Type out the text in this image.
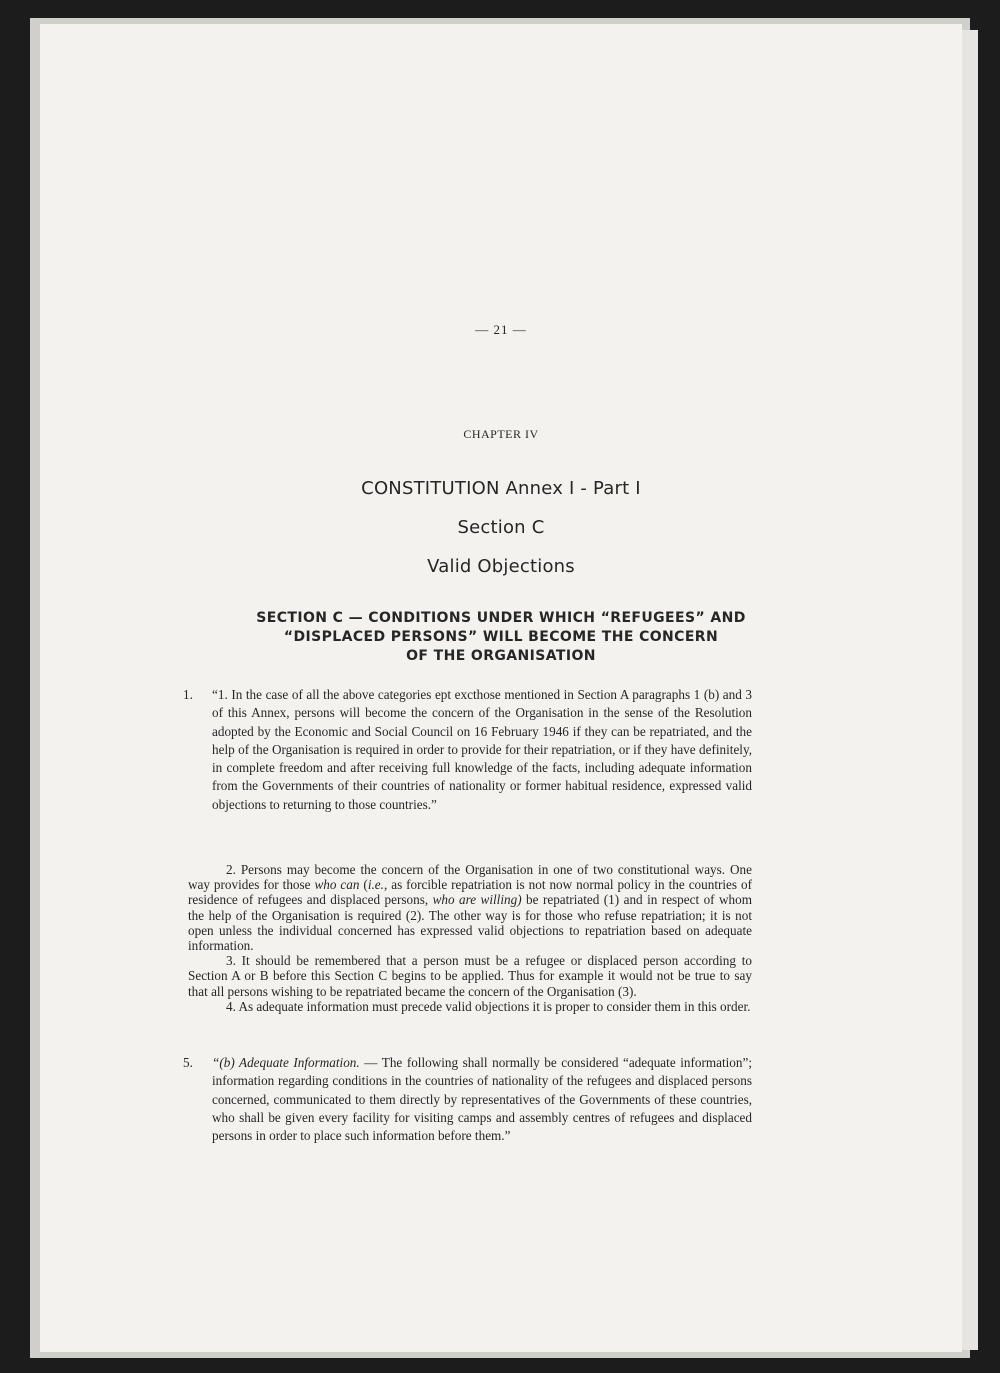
— 21 —
CHAPTER IV
CONSTITUTION Annex I - Part I
Section C
Valid Objections
SECTION C — CONDITIONS UNDER WHICH “REFUGEES” AND
“DISPLACED PERSONS” WILL BECOME THE CONCERN
OF THE ORGANISATION
1. “1. In the case of all the above categories ept excthose mentioned in Section A paragraphs 1 (b) and 3 of this Annex, persons will become the concern of the Organisation in the sense of the Resolution adopted by the Economic and Social Council on 16 February 1946 if they can be repatriated, and the help of the Organisation is required in order to provide for their repatriation, or if they have definitely, in complete freedom and after receiving full knowledge of the facts, including adequate information from the Governments of their countries of nationality or former habitual residence, expressed valid objections to returning to those countries.”

2. Persons may become the concern of the Organisation in one of two constitutional ways. One way provides for those who can (i.e., as forcible repatriation is not now normal policy in the countries of residence of refugees and displaced persons, who are willing) be repatriated (1) and in respect of whom the help of the Organisation is required (2). The other way is for those who refuse repatriation; it is not open unless the individual concerned has expressed valid objections to repatriation based on adequate information.

3. It should be remembered that a person must be a refugee or displaced person according to Section A or B before this Section C begins to be applied. Thus for example it would not be true to say that all persons wishing to be repatriated became the concern of the Organisation (3).

4. As adequate information must precede valid objections it is proper to consider them in this order.

5. “(b) Adequate Information. — The following shall normally be considered “adequate information”; information regarding conditions in the countries of nationality of the refugees and displaced persons concerned, communicated to them directly by representatives of the Governments of these countries, who shall be given every facility for visiting camps and assembly centres of refugees and displaced persons in order to place such information before them.”
